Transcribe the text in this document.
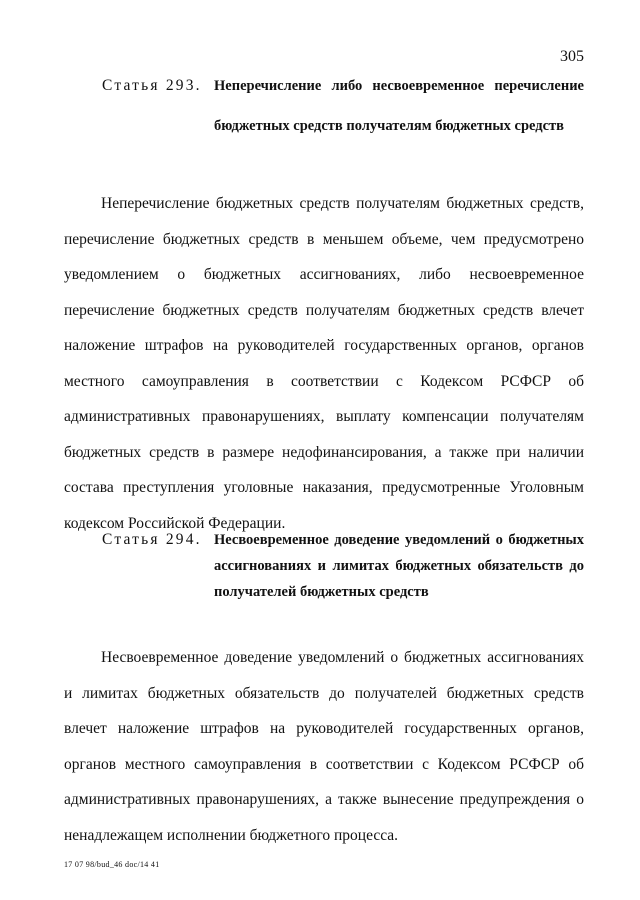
305
Статья 293. Неперечисление либо несвоевременное перечисление бюджетных средств получателям бюджетных средств
Неперечисление бюджетных средств получателям бюджетных средств, перечисление бюджетных средств в меньшем объеме, чем предусмотрено уведомлением о бюджетных ассигнованиях, либо несвоевременное перечисление бюджетных средств получателям бюджетных средств влечет наложение штрафов на руководителей государственных органов, органов местного самоуправления в соответствии с Кодексом РСФСР об административных правонарушениях, выплату компенсации получателям бюджетных средств в размере недофинансирования, а также при наличии состава преступления уголовные наказания, предусмотренные Уголовным кодексом Российской Федерации.
Статья 294. Несвоевременное доведение уведомлений о бюджетных ассигнованиях и лимитах бюджетных обязательств до получателей бюджетных средств
Несвоевременное доведение уведомлений о бюджетных ассигнованиях и лимитах бюджетных обязательств до получателей бюджетных средств влечет наложение штрафов на руководителей государственных органов, органов местного самоуправления в соответствии с Кодексом РСФСР об административных правонарушениях, а также вынесение предупреждения о ненадлежащем исполнении бюджетного процесса.
17 07 98/bud_46 doc/14 41
